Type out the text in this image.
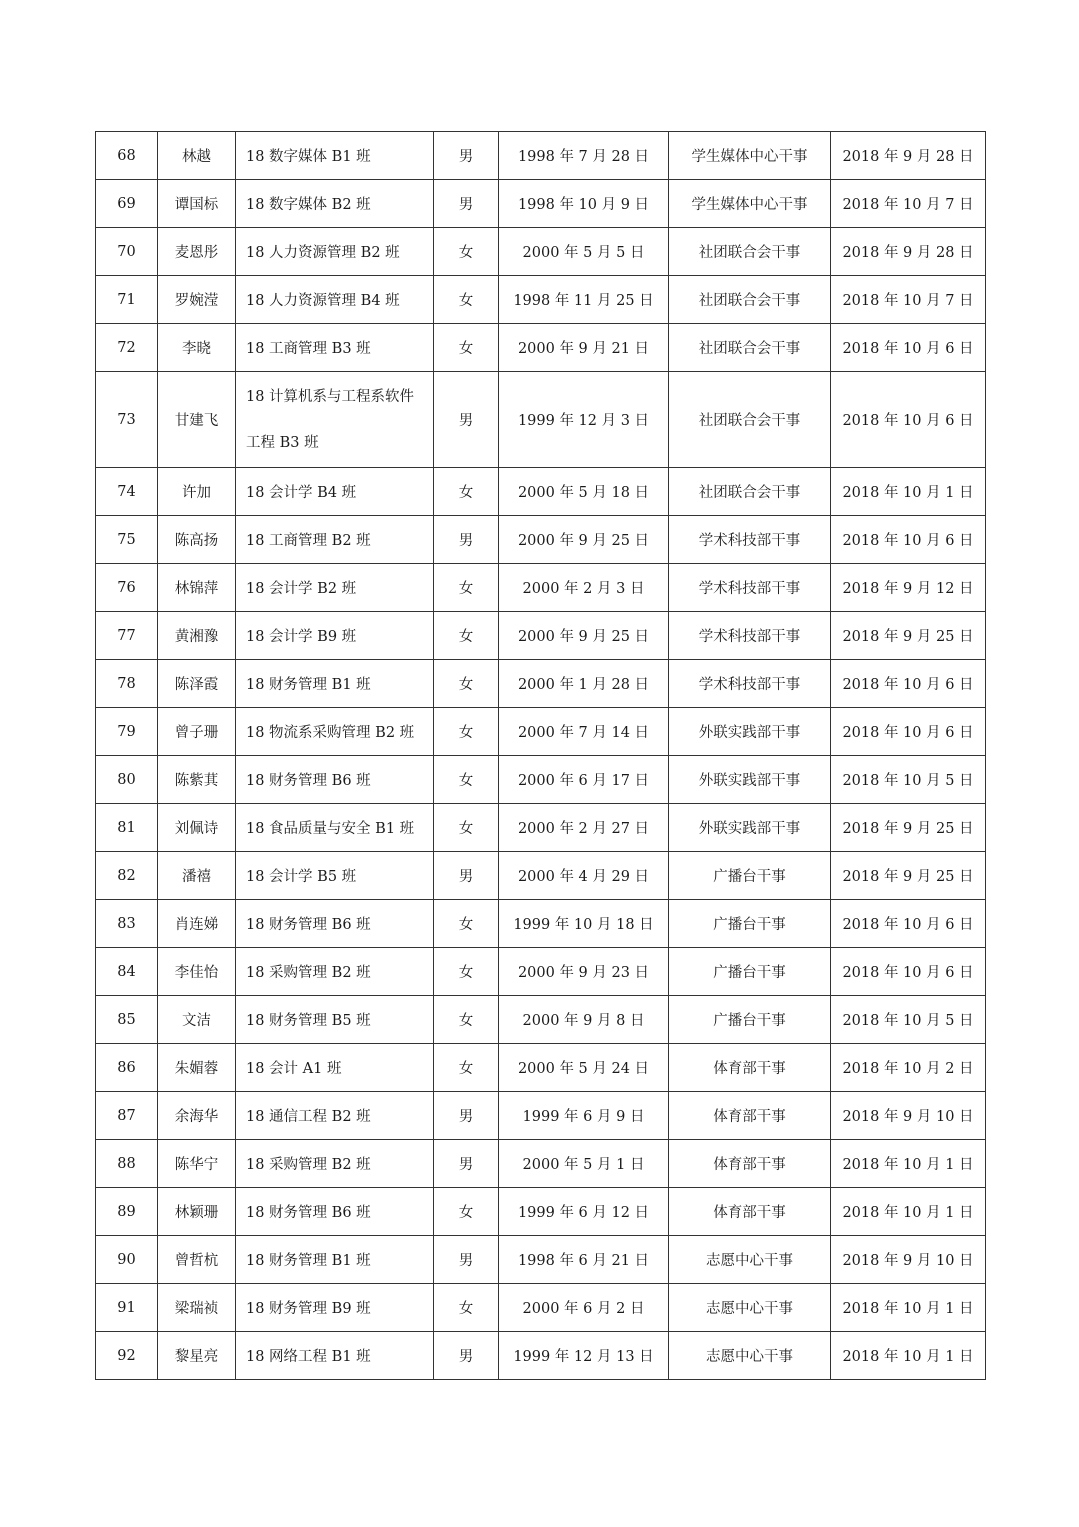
68	林越	18 数字媒体 B1 班	男	1998 年 7 月 28 日	学生媒体中心干事	2018 年 9 月 28 日
69	谭国标	18 数字媒体 B2 班	男	1998 年 10 月 9 日	学生媒体中心干事	2018 年 10 月 7 日
70	麦恩彤	18 人力资源管理 B2 班	女	2000 年 5 月 5 日	社团联合会干事	2018 年 9 月 28 日
71	罗婉滢	18 人力资源管理 B4 班	女	1998 年 11 月 25 日	社团联合会干事	2018 年 10 月 7 日
72	李晓	18 工商管理 B3 班	女	2000 年 9 月 21 日	社团联合会干事	2018 年 10 月 6 日
73	甘建飞	18 计算机系与工程系软件工程 B3 班	男	1999 年 12 月 3 日	社团联合会干事	2018 年 10 月 6 日
74	许加	18 会计学 B4 班	女	2000 年 5 月 18 日	社团联合会干事	2018 年 10 月 1 日
75	陈高扬	18 工商管理 B2 班	男	2000 年 9 月 25 日	学术科技部干事	2018 年 10 月 6 日
76	林锦萍	18 会计学 B2 班	女	2000 年 2 月 3 日	学术科技部干事	2018 年 9 月 12 日
77	黄湘豫	18 会计学 B9 班	女	2000 年 9 月 25 日	学术科技部干事	2018 年 9 月 25 日
78	陈泽霞	18 财务管理 B1 班	女	2000 年 1 月 28 日	学术科技部干事	2018 年 10 月 6 日
79	曾子珊	18 物流系采购管理 B2 班	女	2000 年 7 月 14 日	外联实践部干事	2018 年 10 月 6 日
80	陈紫萁	18 财务管理 B6 班	女	2000 年 6 月 17 日	外联实践部干事	2018 年 10 月 5 日
81	刘佩诗	18 食品质量与安全 B1 班	女	2000 年 2 月 27 日	外联实践部干事	2018 年 9 月 25 日
82	潘禧	18 会计学 B5 班	男	2000 年 4 月 29 日	广播台干事	2018 年 9 月 25 日
83	肖连娣	18 财务管理 B6 班	女	1999 年 10 月 18 日	广播台干事	2018 年 10 月 6 日
84	李佳怡	18 采购管理 B2 班	女	2000 年 9 月 23 日	广播台干事	2018 年 10 月 6 日
85	文洁	18 财务管理 B5 班	女	2000 年 9 月 8 日	广播台干事	2018 年 10 月 5 日
86	朱媚蓉	18 会计 A1 班	女	2000 年 5 月 24 日	体育部干事	2018 年 10 月 2 日
87	余海华	18 通信工程 B2 班	男	1999 年 6 月 9 日	体育部干事	2018 年 9 月 10 日
88	陈华宁	18 采购管理 B2 班	男	2000 年 5 月 1 日	体育部干事	2018 年 10 月 1 日
89	林颖珊	18 财务管理 B6 班	女	1999 年 6 月 12 日	体育部干事	2018 年 10 月 1 日
90	曾哲杭	18 财务管理 B1 班	男	1998 年 6 月 21 日	志愿中心干事	2018 年 9 月 10 日
91	梁瑞祯	18 财务管理 B9 班	女	2000 年 6 月 2 日	志愿中心干事	2018 年 10 月 1 日
92	黎星亮	18 网络工程 B1 班	男	1999 年 12 月 13 日	志愿中心干事	2018 年 10 月 1 日
